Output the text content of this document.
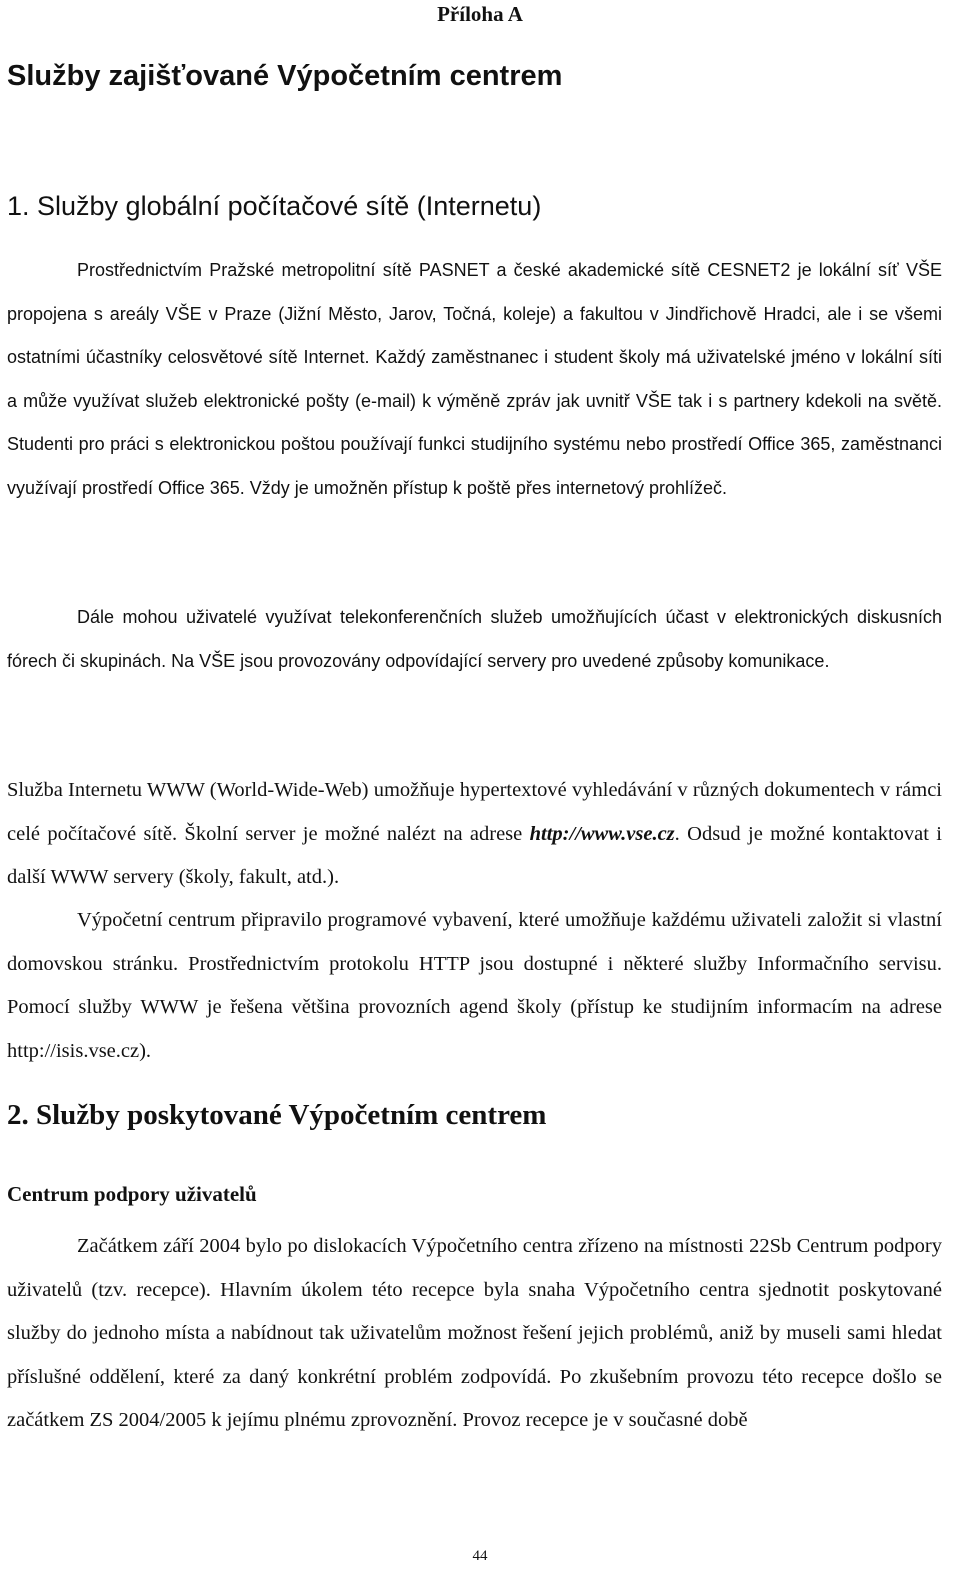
Příloha A
Služby zajišťované Výpočetním centrem
1. Služby globální počítačové sítě (Internetu)

Prostřednictvím Pražské metropolitní sítě PASNET a české akademické sítě CESNET2 je lokální síť VŠE propojena s areály VŠE v Praze (Jižní Město, Jarov, Točná, koleje) a fakultou v Jindřichově Hradci, ale i se všemi ostatními účastníky celosvětové sítě Internet. Každý zaměstnanec i student školy má uživatelské jméno v lokální síti a může využívat služeb elektronické pošty (e-mail) k výměně zpráv jak uvnitř VŠE tak i s partnery kdekoli na světě. Studenti pro práci s elektronickou poštou používají funkci studijního systému nebo prostředí Office 365, zaměstnanci využívají prostředí Office 365. Vždy je umožněn přístup k poště přes internetový prohlížeč.

Dále mohou uživatelé využívat telekonferenčních služeb umožňujících účast v elektronických diskusních fórech či skupinách. Na VŠE jsou provozovány odpovídající servery pro uvedené způsoby komunikace.

Služba Internetu WWW (World-Wide-Web) umožňuje hypertextové vyhledávání v různých dokumentech v rámci celé počítačové sítě. Školní server je možné nalézt na adrese http://www.vse.cz. Odsud je možné kontaktovat i další WWW servery (školy, fakult, atd.).

Výpočetní centrum připravilo programové vybavení, které umožňuje každému uživateli založit si vlastní domovskou stránku. Prostřednictvím protokolu HTTP jsou dostupné i některé služby Informačního servisu. Pomocí služby WWW je řešena většina provozních agend školy (přístup ke studijním informacím na adrese http://isis.vse.cz).

2. Služby poskytované Výpočetním centrem
Centrum podpory uživatelů

Začátkem září 2004 bylo po dislokacích Výpočetního centra zřízeno na místnosti 22Sb Centrum podpory uživatelů (tzv. recepce). Hlavním úkolem této recepce byla snaha Výpočetního centra sjednotit poskytované služby do jednoho místa a nabídnout tak uživatelům možnost řešení jejich problémů, aniž by museli sami hledat příslušné oddělení, které za daný konkrétní problém zodpovídá. Po zkušebním provozu této recepce došlo se začátkem ZS 2004/2005 k jejímu plnému zprovoznění. Provoz recepce je v současné době

44
